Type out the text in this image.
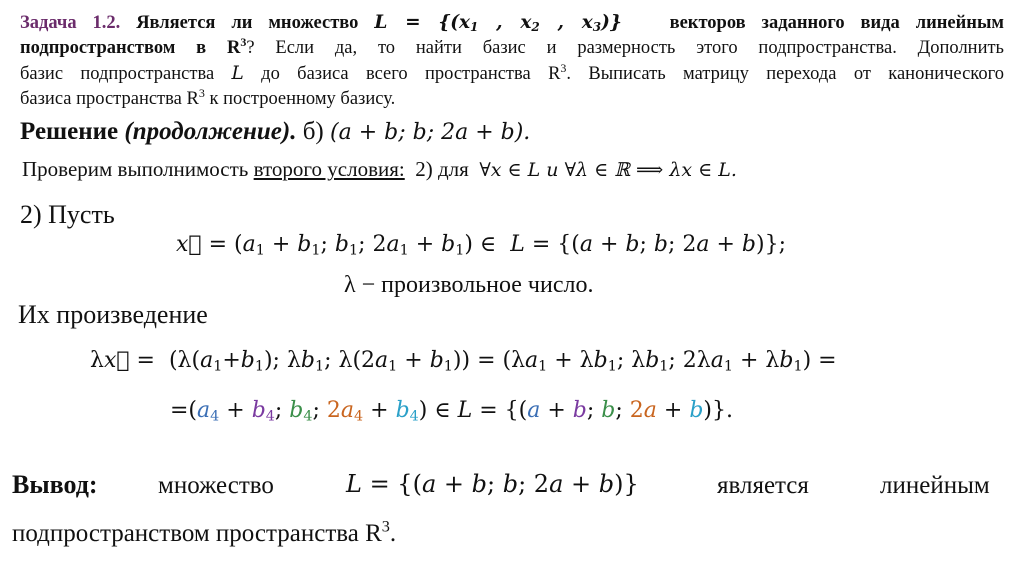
Задача 1.2. Является ли множество $L = \{(x_1$ , $x_2$ , $x_3$)}	векторов заданного вида линейным
подпространством в $R^3$? Если да, то найти базис и размерность этого подпространства. Дополнить
базис подпространства L до базиса всего пространства $R^3$. Выписать матрицу перехода от канонического
базиса пространства $R^3$ к построенному базису.
Решение (продолжение). б) (a + b; b; 2a + b).
Проверим выполнимость второго условия: 2) для ∀x ∈ L и ∀λ ∈ ℝ ⟹ λx ∈ L.
2) Пусть
x⃗ = ($a_1 + b_1$; $b_1$; $2a_1 + b_1$) ∈  L = {(a + b; b; 2a + b)};
λ − произвольное число.
Их произведение
λx⃗ =  ($\lambda(a_1+b_1)$; $\lambda b_1$; $\lambda(2a_1 + b_1)) = (\lambda a_1 + \lambda b_1$; $\lambda b_1$; $2\lambda a_1 + \lambda b_1$) =
$=(a_4 + b_4$; $b_4$; $2a_4 + b_4$) ∈ L = {(a + b; b; 2a + b)}.
Вывод: множество	L = {(a + b; b; 2a + b)}	является	линейным
подпространством пространства $R^3$.
